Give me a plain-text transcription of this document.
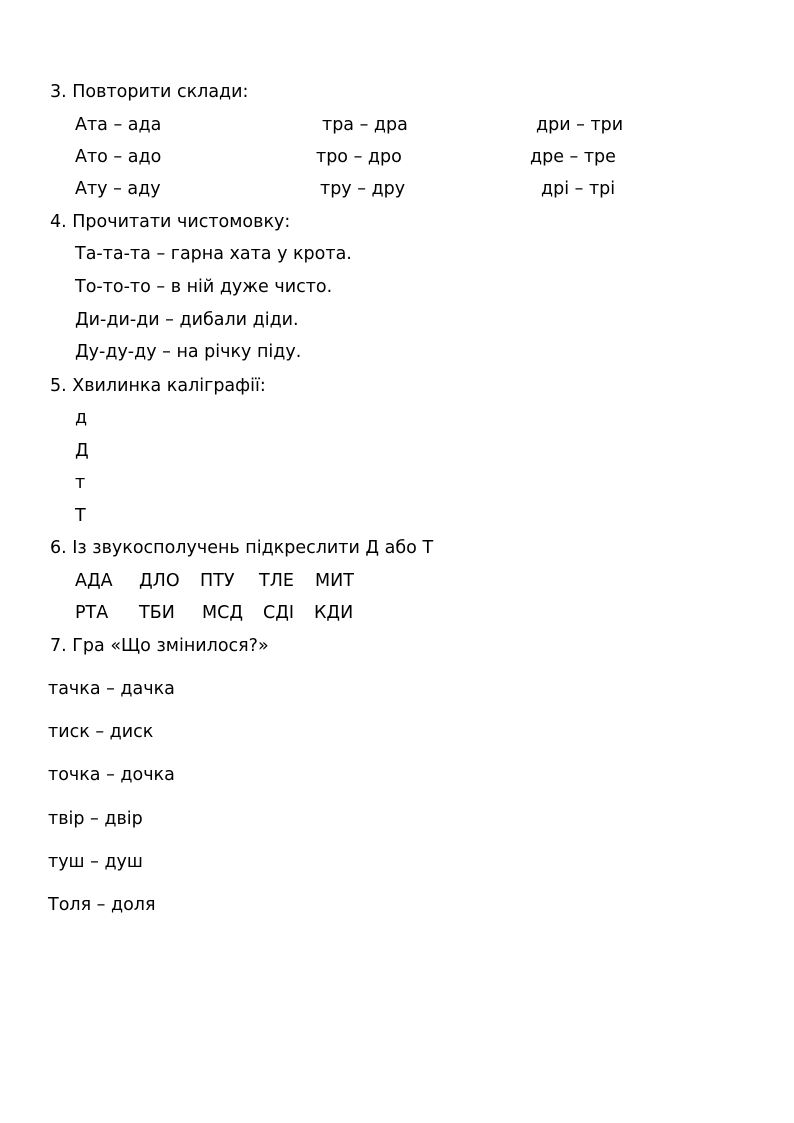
3. Повторити склади:
Ата – ада	тра – дра	дри – три
Ато – адо	тро – дро	дре – тре
Ату – аду	тру – дру	дрі – трі
4. Прочитати чистомовку:
Та-та-та – гарна хата у крота.
То-то-то – в ній дуже чисто.
Ди-ди-ди – дибали діди.
Ду-ду-ду – на річку піду.
5. Хвилинка каліграфії:
д
Д
т
Т
6. Із звукосполучень підкреслити Д або Т
АДА ДЛО ПТУ ТЛЕ МИТ
РТА ТБИ МСД СДІ КДИ
7. Гра «Що змінилося?»
тачка – дачка
тиск – диск
точка – дочка
твір – двір
туш – душ
Толя – доля
